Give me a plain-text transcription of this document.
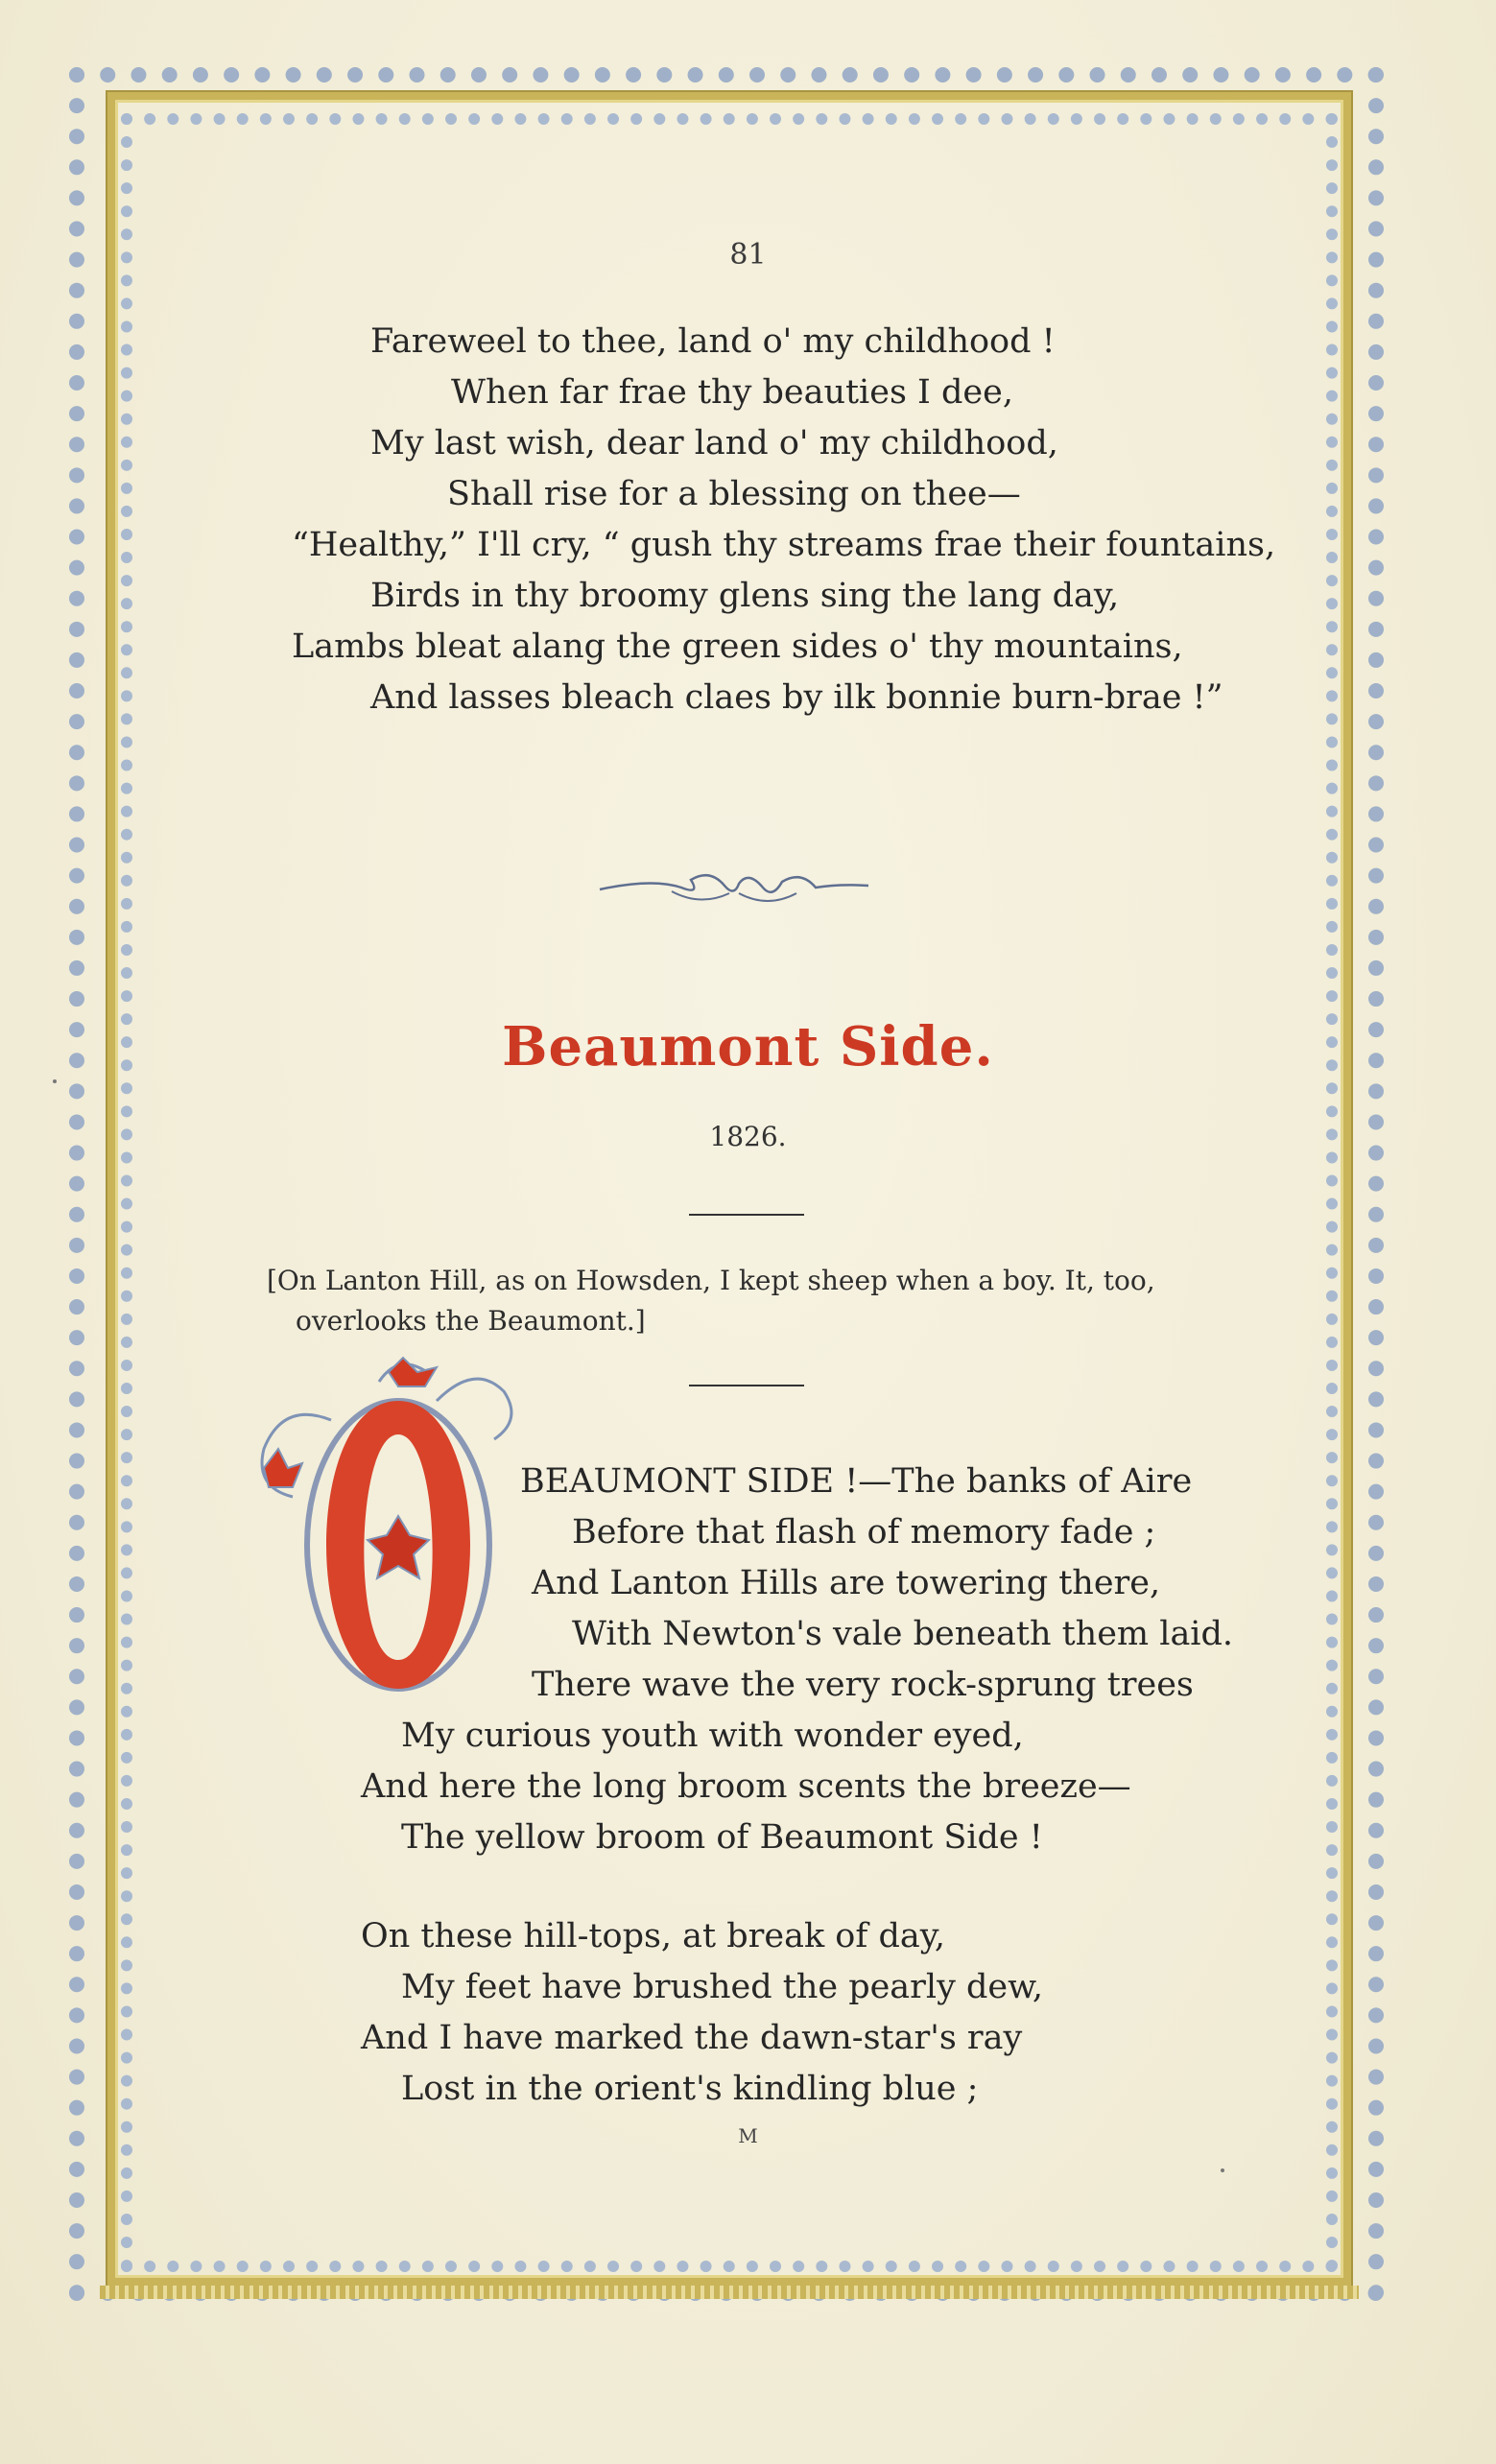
81
Fareweel to thee, land o' my childhood !
When far frae thy beauties I dee,
My last wish, dear land o' my childhood,
Shall rise for a blessing on thee—
“Healthy,” I'll cry, “ gush thy streams frae their fountains,
Birds in thy broomy glens sing the lang day,
Lambs bleat alang the green sides o' thy mountains,
And lasses bleach claes by ilk bonnie burn-brae !”
Beaumont Side.
1826.
[On Lanton Hill, as on Howsden, I kept sheep when a boy. It, too,
overlooks the Beaumont.]
O
BEAUMONT SIDE !—The banks of Aire
Before that flash of memory fade ;
And Lanton Hills are towering there,
With Newton's vale beneath them laid.
There wave the very rock-sprung trees
My curious youth with wonder eyed,
And here the long broom scents the breeze—
The yellow broom of Beaumont Side !
On these hill-tops, at break of day,
My feet have brushed the pearly dew,
And I have marked the dawn-star's ray
Lost in the orient's kindling blue ;
M
